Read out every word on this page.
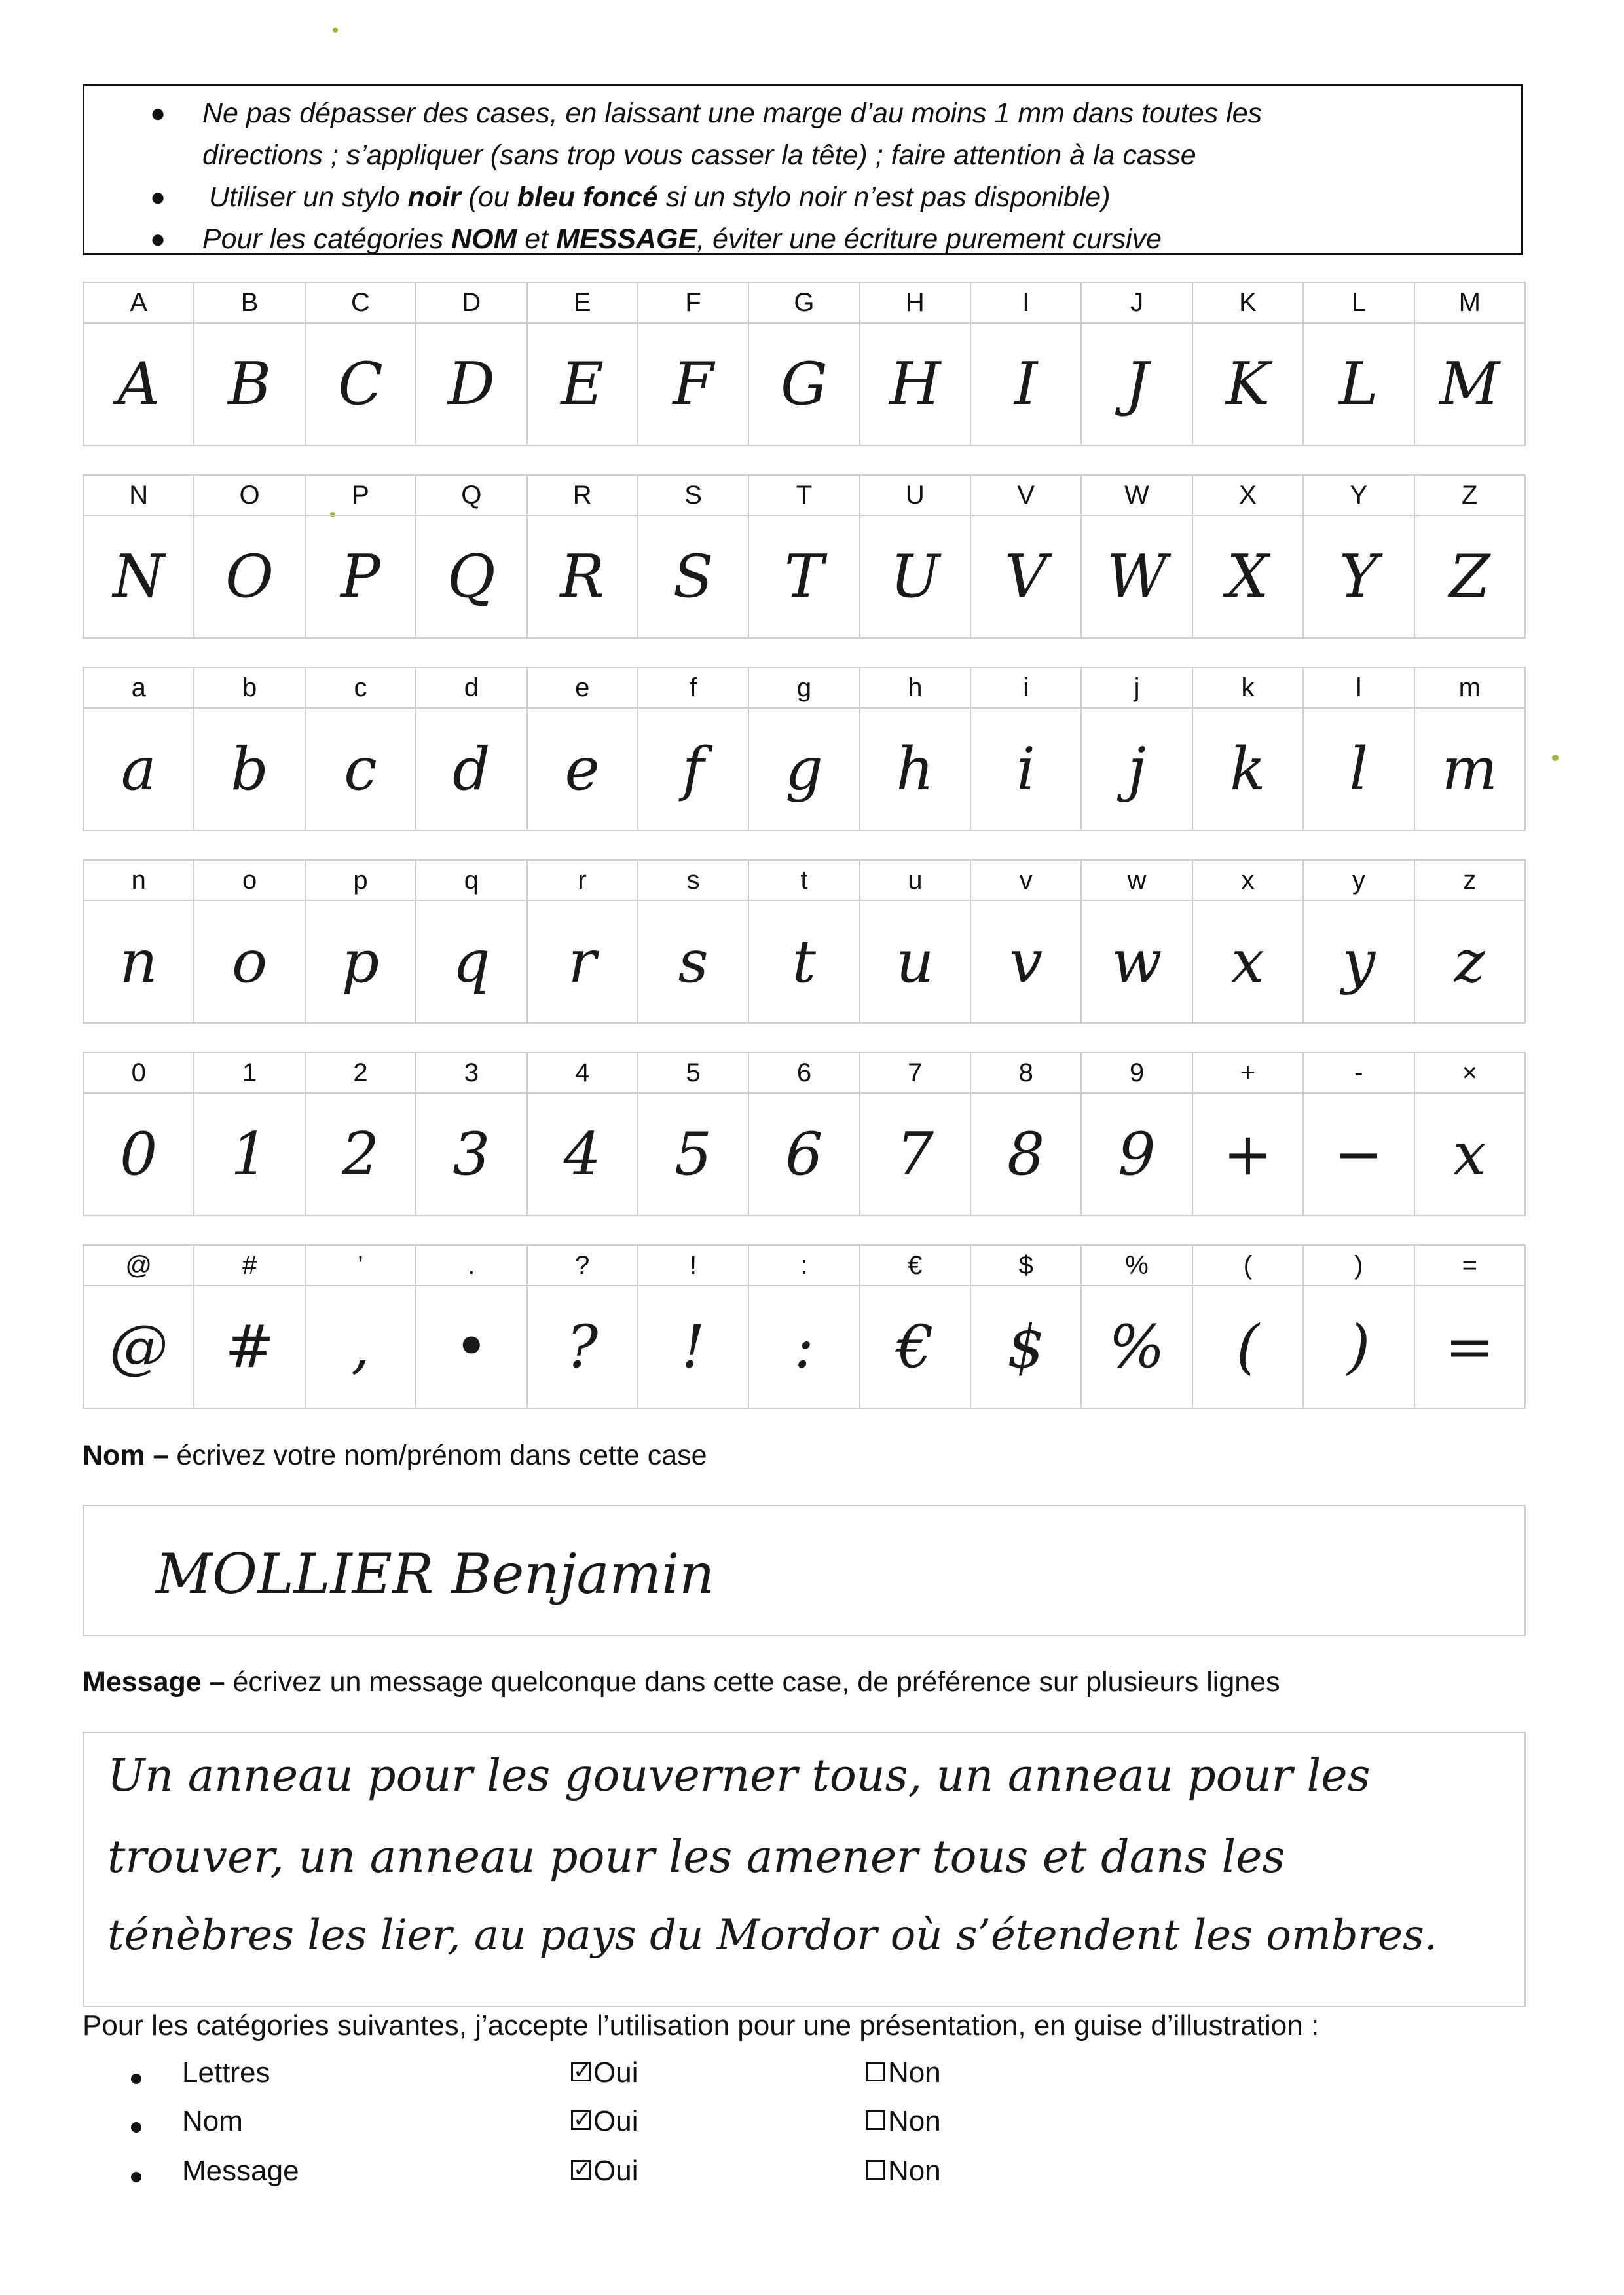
● Ne pas dépasser des cases, en laissant une marge d’au moins 1 mm dans toutes les
directions ; s’appliquer (sans trop vous casser la tête) ; faire attention à la casse
● Utiliser un stylo noir (ou bleu foncé si un stylo noir n’est pas disponible)
● Pour les catégories NOM et MESSAGE, éviter une écriture purement cursive
A	B	C	D	E	F	G	H	I	J	K	L	M
A	B	C	D	E	F	G	H	I	J	K	L	M
N	O	P	Q	R	S	T	U	V	W	X	Y	Z
N	O	P	Q	R	S	T	U	V	W	X	Y	Z
a	b	c	d	e	f	g	h	i	j	k	l	m
a	b	c	d	e	f	g	h	i	j	k	l	m
n	o	p	q	r	s	t	u	v	w	x	y	z
n	o	p	q	r	s	t	u	v	w	x	y	z
0	1	2	3	4	5	6	7	8	9	+	-	×
0	1	2	3	4	5	6	7	8	9	+	−	x
@	#	’	.	?	!	:	€	$	%	(	)	=
@	#	,	•	?	!	:	€	$	%	(	)	=
Nom – écrivez votre nom/prénom dans cette case
MOLLIER Benjamin
Message – écrivez un message quelconque dans cette case, de préférence sur plusieurs lignes
Un anneau pour les gouverner tous, un anneau pour les
trouver, un anneau pour les amener tous et dans les
ténèbres les lier, au pays du Mordor où s’étendent les ombres.
Pour les catégories suivantes, j’accepte l’utilisation pour une présentation, en guise d’illustration :
Lettres	✓Oui	Non
Nom	✓Oui	Non
Message	✓Oui	Non
